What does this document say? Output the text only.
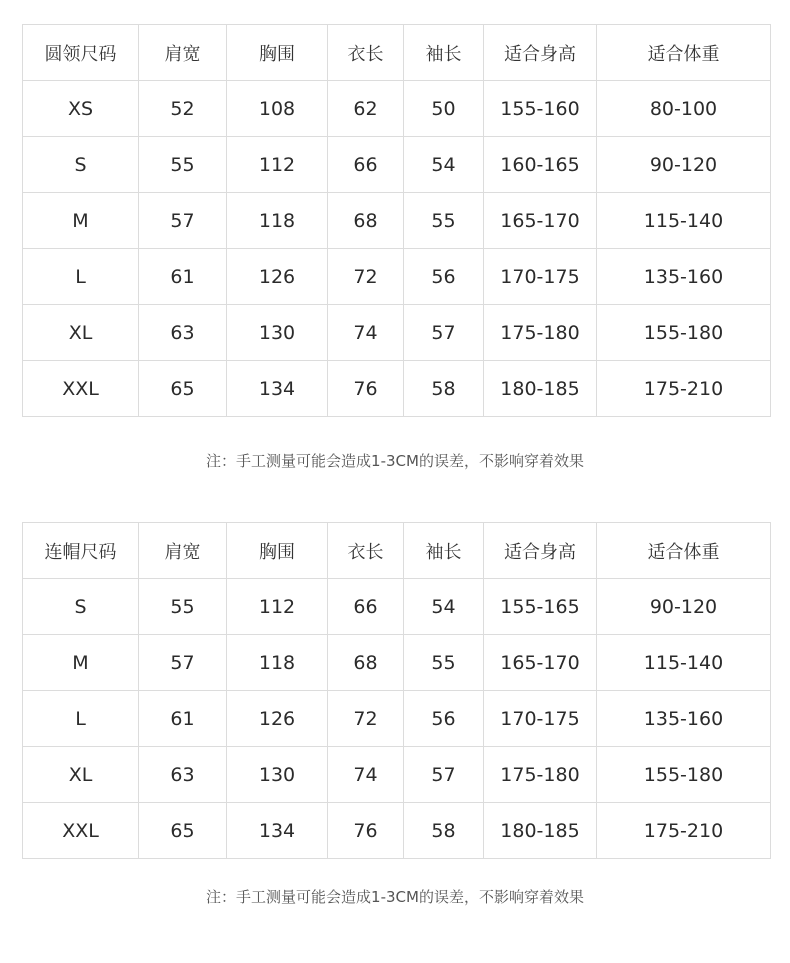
圆领尺码	肩宽	胸围	衣长	袖长	适合身高	适合体重
XS	52	108	62	50	155-160	80-100
S	55	112	66	54	160-165	90-120
M	57	118	68	55	165-170	115-140
L	61	126	72	56	170-175	135-160
XL	63	130	74	57	175-180	155-180
XXL	65	134	76	58	180-185	175-210
注：手工测量可能会造成1-3CM的误差，不影响穿着效果
连帽尺码	肩宽	胸围	衣长	袖长	适合身高	适合体重
S	55	112	66	54	155-165	90-120
M	57	118	68	55	165-170	115-140
L	61	126	72	56	170-175	135-160
XL	63	130	74	57	175-180	155-180
XXL	65	134	76	58	180-185	175-210
注：手工测量可能会造成1-3CM的误差，不影响穿着效果
